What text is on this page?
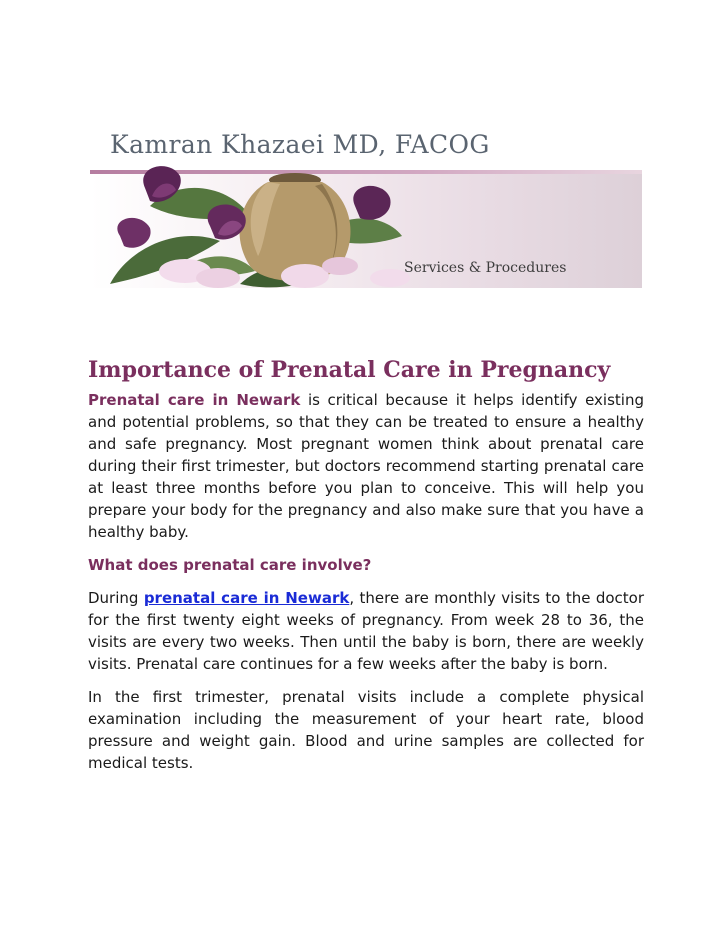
Kamran Khazaei MD, FACOG
Services & Procedures
Importance of Prenatal Care in Pregnancy

Prenatal care in Newark is critical because it helps identify existing and potential problems, so that they can be treated to ensure a healthy and safe pregnancy. Most pregnant women think about prenatal care during their first trimester, but doctors recommend starting prenatal care at least three months before you plan to conceive. This will help you prepare your body for the pregnancy and also make sure that you have a healthy baby.

What does prenatal care involve?

During prenatal care in Newark, there are monthly visits to the doctor for the first twenty eight weeks of pregnancy. From week 28 to 36, the visits are every two weeks. Then until the baby is born, there are weekly visits. Prenatal care continues for a few weeks after the baby is born.

In the first trimester, prenatal visits include a complete physical examination including the measurement of your heart rate, blood pressure and weight gain. Blood and urine samples are collected for medical tests.
